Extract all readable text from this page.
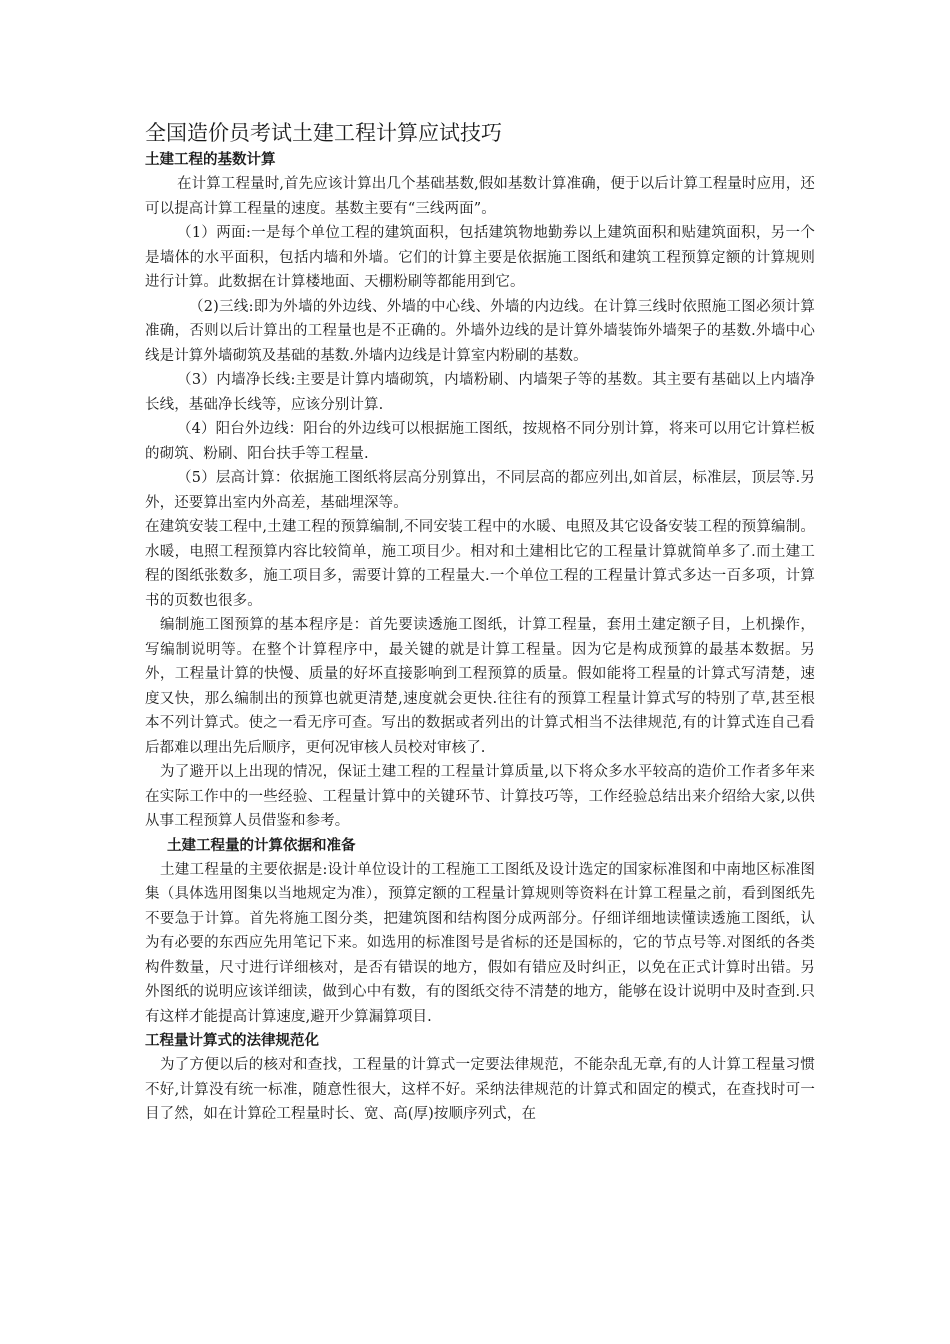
全国造价员考试土建工程计算应试技巧
土建工程的基数计算

在计算工程量时,首先应该计算出几个基础基数,假如基数计算准确，便于以后计算工程量时应用，还可以提高计算工程量的速度。基数主要有“三线两面”。

（1）两面:一是每个单位工程的建筑面积，包括建筑物地勤劵以上建筑面积和贴建筑面积，另一个是墙体的水平面积，包括内墙和外墙。它们的计算主要是依据施工图纸和建筑工程预算定额的计算规则进行计算。此数据在计算楼地面、天棚粉刷等都能用到它。

（2)三线:即为外墙的外边线、外墙的中心线、外墙的内边线。在计算三线时依照施工图必须计算准确，否则以后计算出的工程量也是不正确的。外墙外边线的是计算外墙装饰外墙架子的基数.外墙中心线是计算外墙砌筑及基础的基数.外墙内边线是计算室内粉刷的基数。

（3）内墙净长线:主要是计算内墙砌筑，内墙粉刷、内墙架子等的基数。其主要有基础以上内墙净长线，基础净长线等，应该分别计算.

（4）阳台外边线：阳台的外边线可以根据施工图纸，按规格不同分别计算，将来可以用它计算栏板的砌筑、粉刷、阳台扶手等工程量.

（5）层高计算：依据施工图纸将层高分别算出，不同层高的都应列出,如首层，标准层，顶层等.另外，还要算出室内外高差，基础埋深等。

在建筑安装工程中,土建工程的预算编制,不同安装工程中的水暖、电照及其它设备安装工程的预算编制。水暖，电照工程预算内容比较简单，施工项目少。相对和土建相比它的工程量计算就简单多了.而土建工程的图纸张数多，施工项目多，需要计算的工程量大.一个单位工程的工程量计算式多达一百多项，计算书的页数也很多。

编制施工图预算的基本程序是：首先要读透施工图纸，计算工程量，套用土建定额子目，上机操作，写编制说明等。在整个计算程序中，最关键的就是计算工程量。因为它是构成预算的最基本数据。另外，工程量计算的快慢、质量的好坏直接影响到工程预算的质量。假如能将工程量的计算式写清楚，速度又快，那么编制出的预算也就更清楚,速度就会更快.往往有的预算工程量计算式写的特别了草,甚至根本不列计算式。使之一看无序可查。写出的数据或者列出的计算式相当不法律规范,有的计算式连自己看后都难以理出先后顺序，更何况审核人员校对审核了.

为了避开以上出现的情况，保证土建工程的工程量计算质量,以下将众多水平较高的造价工作者多年来在实际工作中的一些经验、工程量计算中的关键环节、计算技巧等，工作经验总结出来介绍给大家,以供从事工程预算人员借鉴和参考。

土建工程量的计算依据和准备

土建工程量的主要依据是:设计单位设计的工程施工工图纸及设计选定的国家标准图和中南地区标准图集（具体选用图集以当地规定为准），预算定额的工程量计算规则等资料在计算工程量之前，看到图纸先不要急于计算。首先将施工图分类，把建筑图和结构图分成两部分。仔细详细地读懂读透施工图纸，认为有必要的东西应先用笔记下来。如选用的标准图号是省标的还是国标的，它的节点号等.对图纸的各类构件数量，尺寸进行详细核对，是否有错误的地方，假如有错应及时纠正，以免在正式计算时出错。另外图纸的说明应该详细读，做到心中有数，有的图纸交待不清楚的地方，能够在设计说明中及时查到.只有这样才能提高计算速度,避开少算漏算项目.

工程量计算式的法律规范化

为了方便以后的核对和查找，工程量的计算式一定要法律规范，不能杂乱无章,有的人计算工程量习惯不好,计算没有统一标准，随意性很大，这样不好。采纳法律规范的计算式和固定的模式，在查找时可一目了然，如在计算砼工程量时长、宽、高(厚)按顺序列式，在
